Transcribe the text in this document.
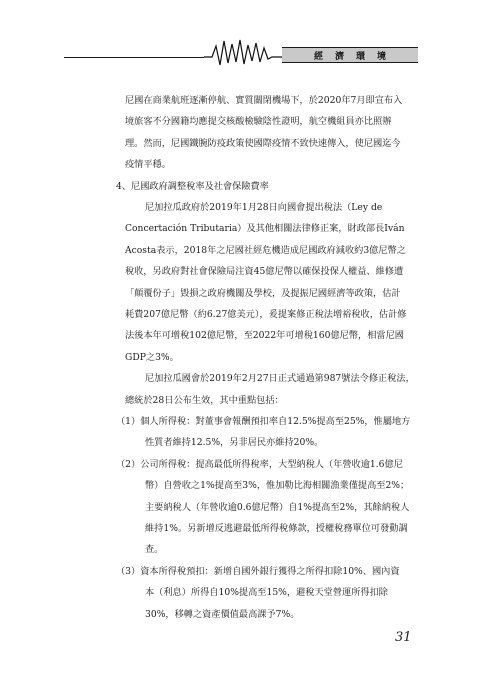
經濟環境
尼國在商業航班逐漸停航、實質關閉機場下，於2020年7月即宣布入
境旅客不分國籍均應提交核酸檢驗陰性證明，航空機組員亦比照辦
理。然而，尼國鐵腕防疫政策使國際疫情不致快速傳入，使尼國迄今
疫情平穩。
4、尼國政府調整稅率及社會保險費率
尼加拉瓜政府於2019年1月28日向國會提出稅法（Ley de
Concertación Tributaria）及其他相關法律修正案，財政部長Iván
Acosta表示，2018年之尼國社經危機造成尼國政府減收約3億尼幣之
稅收，另政府對社會保險局注資45億尼幣以確保投保人權益、維修遭
「顛覆份子」毀損之政府機關及學校，及提振尼國經濟等政策，估計
耗費207億尼幣（約6.27億美元），爰提案修正稅法增裕稅收，估計修
法後本年可增稅102億尼幣，至2022年可增稅160億尼幣，相當尼國
GDP之3%。
尼加拉瓜國會於2019年2月27日正式通過第987號法令修正稅法，
總統於28日公布生效，其中重點包括：
（1）個人所得稅：對董事會報酬預扣率自12.5%提高至25%，惟屬地方
性質者維持12.5%，另非居民亦維持20%。
（2）公司所得稅：提高最低所得稅率，大型納稅人（年營收逾1.6億尼
幣）自營收之1%提高至3%，惟加勒比海相關漁業僅提高至2%；
主要納稅人（年營收逾0.6億尼幣）自1%提高至2%，其餘納稅人
維持1%。另新增反逃避最低所得稅條款，授權稅務單位可發動調
查。
（3）資本所得稅預扣：新增自國外銀行獲得之所得扣除10%、國內資
本（利息）所得自10%提高至15%，避稅天堂營運所得扣除
30%，移轉之資產價值最高課予7%。
31
